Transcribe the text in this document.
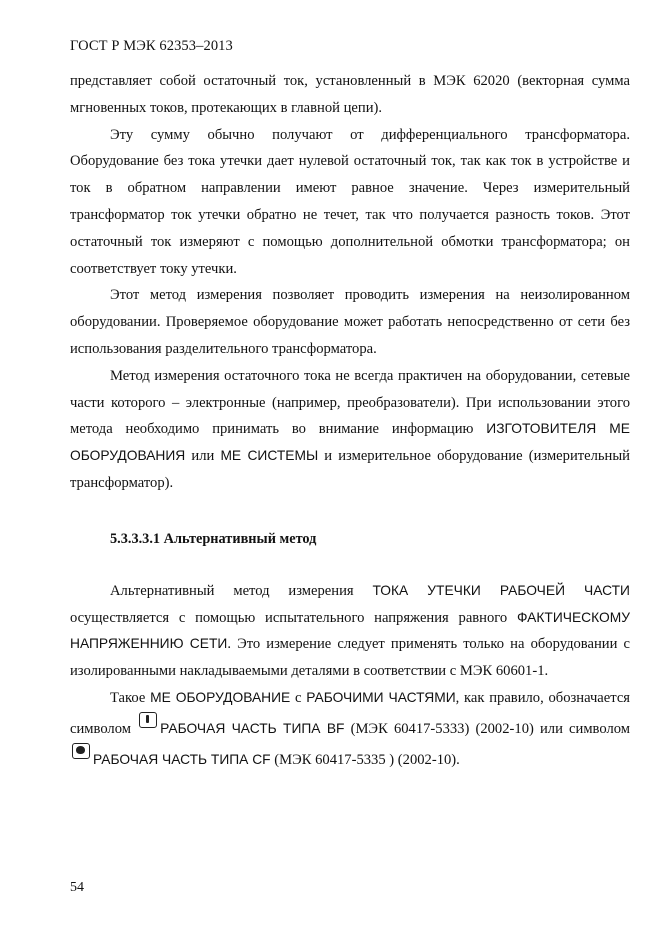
ГОСТ Р МЭК 62353–2013

представляет собой остаточный ток, установленный в МЭК 62020 (векторная сумма мгновенных токов, протекающих в главной цепи).

Эту сумму обычно получают от дифференциального трансформатора. Оборудование без тока утечки дает нулевой остаточный ток, так как ток в устройстве и ток в обратном направлении имеют равное значение. Через измерительный трансформатор ток утечки обратно не течет, так что получается разность токов. Этот остаточный ток измеряют с помощью дополнительной обмотки трансформатора; он соответствует току утечки.

Этот метод измерения позволяет проводить измерения на неизолированном оборудовании. Проверяемое оборудование может работать непосредственно от сети без использования разделительного трансформатора.

Метод измерения остаточного тока не всегда практичен на оборудовании, сетевые части которого – электронные (например, преобразователи). При использовании этого метода необходимо принимать во внимание информацию ИЗГОТОВИТЕЛЯ МЕ ОБОРУДОВАНИЯ или МЕ СИСТЕМЫ и измерительное оборудование (измерительный трансформатор).

5.3.3.3.1 Альтернативный метод

Альтернативный метод измерения ТОКА УТЕЧКИ РАБОЧЕЙ ЧАСТИ осуществляется с помощью испытательного напряжения равного ФАКТИЧЕСКОМУ НАПРЯЖЕННИЮ СЕТИ. Это измерение следует применять только на оборудовании с изолированными накладываемыми деталями в соответствии с МЭК 60601-1.

Такое МЕ ОБОРУДОВАНИЕ с РАБОЧИМИ ЧАСТЯМИ, как правило, обозначается символом РАБОЧАЯ ЧАСТЬ ТИПА BF (МЭК 60417-5333) (2002-10) или символом РАБОЧАЯ ЧАСТЬ ТИПА CF (МЭК 60417-5335 ) (2002-10).

54
